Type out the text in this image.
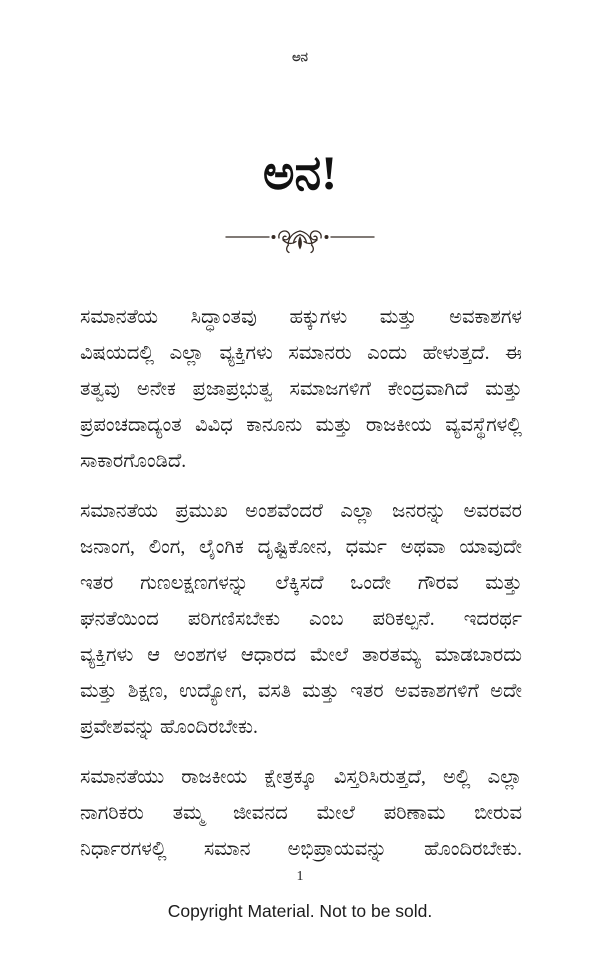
ಅನ
ಅನ!
ಸಮಾನತೆಯ ಸಿದ್ಧಾಂತವು ಹಕ್ಕುಗಳು ಮತ್ತು ಅವಕಾಶಗಳ
ವಿಷಯದಲ್ಲಿ ಎಲ್ಲಾ ವ್ಯಕ್ತಿಗಳು ಸಮಾನರು ಎಂದು ಹೇಳುತ್ತದೆ. ಈ
ತತ್ವವು ಅನೇಕ ಪ್ರಜಾಪ್ರಭುತ್ವ ಸಮಾಜಗಳಿಗೆ ಕೇಂದ್ರವಾಗಿದೆ ಮತ್ತು
ಪ್ರಪಂಚದಾದ್ಯಂತ ವಿವಿಧ ಕಾನೂನು ಮತ್ತು ರಾಜಕೀಯ ವ್ಯವಸ್ಥೆಗಳಲ್ಲಿ
ಸಾಕಾರಗೊಂಡಿದೆ.
ಸಮಾನತೆಯ ಪ್ರಮುಖ ಅಂಶವೆಂದರೆ ಎಲ್ಲಾ ಜನರನ್ನು ಅವರವರ
ಜನಾಂಗ, ಲಿಂಗ, ಲೈಂಗಿಕ ದೃಷ್ಟಿಕೋನ, ಧರ್ಮ ಅಥವಾ ಯಾವುದೇ
ಇತರ ಗುಣಲಕ್ಷಣಗಳನ್ನು ಲೆಕ್ಕಿಸದೆ ಒಂದೇ ಗೌರವ ಮತ್ತು
ಘನತೆಯಿಂದ ಪರಿಗಣಿಸಬೇಕು ಎಂಬ ಪರಿಕಲ್ಪನೆ. ಇದರರ್ಥ
ವ್ಯಕ್ತಿಗಳು ಆ ಅಂಶಗಳ ಆಧಾರದ ಮೇಲೆ ತಾರತಮ್ಯ ಮಾಡಬಾರದು
ಮತ್ತು ಶಿಕ್ಷಣ, ಉದ್ಯೋಗ, ವಸತಿ ಮತ್ತು ಇತರ ಅವಕಾಶಗಳಿಗೆ ಅದೇ
ಪ್ರವೇಶವನ್ನು ಹೊಂದಿರಬೇಕು.
ಸಮಾನತೆಯು ರಾಜಕೀಯ ಕ್ಷೇತ್ರಕ್ಕೂ ವಿಸ್ತರಿಸಿರುತ್ತದೆ, ಅಲ್ಲಿ ಎಲ್ಲಾ
ನಾಗರಿಕರು ತಮ್ಮ ಜೀವನದ ಮೇಲೆ ಪರಿಣಾಮ ಬೀರುವ
ನಿರ್ಧಾರಗಳಲ್ಲಿ ಸಮಾನ ಅಭಿಪ್ರಾಯವನ್ನು ಹೊಂದಿರಬೇಕು.
1
Copyright Material. Not to be sold.
